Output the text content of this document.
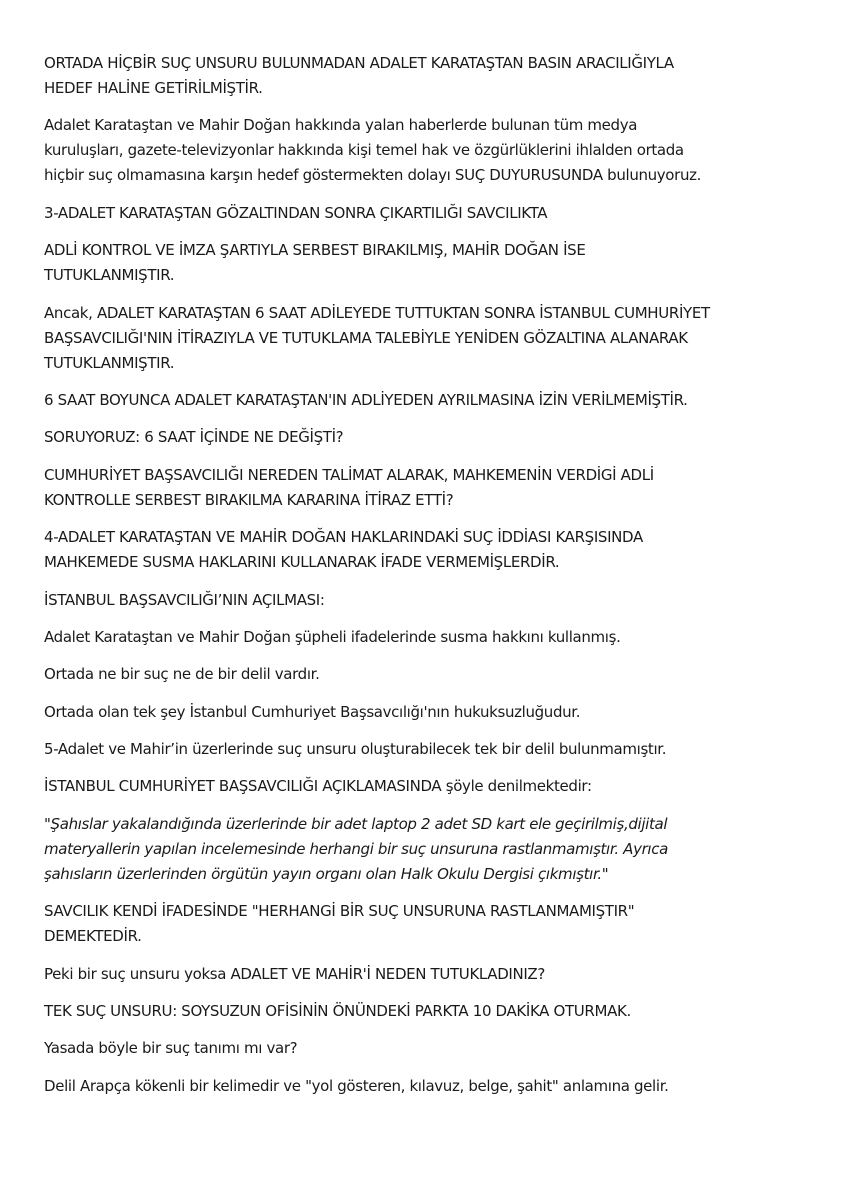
ORTADA HİÇBİR SUÇ UNSURU BULUNMADAN ADALET KARATAŞTAN BASIN ARACILIĞIYLA
HEDEF HALİNE GETİRİLMİŞTİR.

Adalet Karataştan ve Mahir Doğan hakkında yalan haberlerde bulunan tüm medya
kuruluşları, gazete-televizyonlar hakkında kişi temel hak ve özgürlüklerini ihlalden ortada
hiçbir suç olmamasına karşın hedef göstermekten dolayı SUÇ DUYURUSUNDA bulunuyoruz.

3-ADALET KARATAŞTAN GÖZALTINDAN SONRA ÇIKARTILIĞI SAVCILIKTA

ADLİ KONTROL VE İMZA ŞARTIYLA SERBEST BIRAKILMIŞ, MAHİR DOĞAN İSE
TUTUKLANMIŞTIR.

Ancak, ADALET KARATAŞTAN 6 SAAT ADİLEYEDE TUTTUKTAN SONRA İSTANBUL CUMHURİYET
BAŞSAVCILIĞI'NIN İTİRAZIYLA VE TUTUKLAMA TALEBİYLE YENİDEN GÖZALTINA ALANARAK
TUTUKLANMIŞTIR.

6 SAAT BOYUNCA ADALET KARATAŞTAN'IN ADLİYEDEN AYRILMASINA İZİN VERİLMEMİŞTİR.

SORUYORUZ: 6 SAAT İÇİNDE NE DEĞİŞTİ?

CUMHURİYET BAŞSAVCILIĞI NEREDEN TALİMAT ALARAK, MAHKEMENİN VERDİGİ ADLİ
KONTROLLE SERBEST BIRAKILMA KARARINA İTİRAZ ETTİ?

4-ADALET KARATAŞTAN VE MAHİR DOĞAN HAKLARINDAKİ SUÇ İDDİASI KARŞISINDA
MAHKEMEDE SUSMA HAKLARINI KULLANARAK İFADE VERMEMİŞLERDİR.

İSTANBUL BAŞSAVCILIĞI’NIN AÇILMASI:

Adalet Karataştan ve Mahir Doğan şüpheli ifadelerinde susma hakkını kullanmış.

Ortada ne bir suç ne de bir delil vardır.

Ortada olan tek şey İstanbul Cumhuriyet Başsavcılığı'nın hukuksuzluğudur.

5-Adalet ve Mahir’in üzerlerinde suç unsuru oluşturabilecek tek bir delil bulunmamıştır.

İSTANBUL CUMHURİYET BAŞSAVCILIĞI AÇIKLAMASINDA şöyle denilmektedir:

"Şahıslar yakalandığında üzerlerinde bir adet laptop 2 adet SD kart ele geçirilmiş,dijital
materyallerin yapılan incelemesinde herhangi bir suç unsuruna rastlanmamıştır. Ayrıca
şahısların üzerlerinden örgütün yayın organı olan Halk Okulu Dergisi çıkmıştır."

SAVCILIK KENDİ İFADESİNDE "HERHANGİ BİR SUÇ UNSURUNA RASTLANMAMIŞTIR"
DEMEKTEDİR.

Peki bir suç unsuru yoksa ADALET VE MAHİR'İ NEDEN TUTUKLADINIZ?

TEK SUÇ UNSURU: SOYSUZUN OFİSİNİN ÖNÜNDEKİ PARKTA 10 DAKİKA OTURMAK.

Yasada böyle bir suç tanımı mı var?

Delil Arapça kökenli bir kelimedir ve "yol gösteren, kılavuz, belge, şahit" anlamına gelir.
